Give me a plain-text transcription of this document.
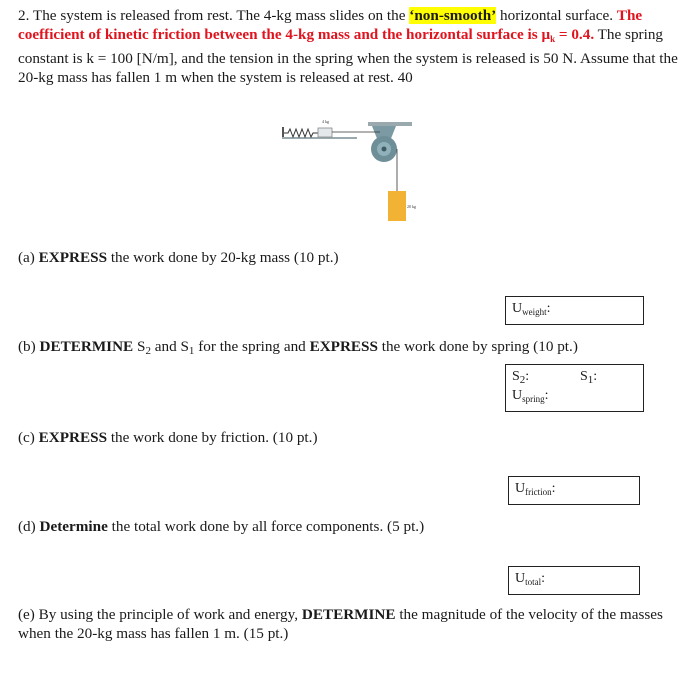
2. The system is released from rest. The 4-kg mass slides on the ‘non-smooth’ horizontal surface. The coefficient of kinetic friction between the 4-kg mass and the horizontal surface is $\mu_k = 0.4$. The spring constant is k = 100 [N/m], and the tension in the spring when the system is released is 50 N. Assume that the 20-kg mass has fallen 1 m when the system is released at rest. 40

4 kg
20 kg

(a) EXPRESS the work done by 20-kg mass (10 pt.)

$U_{weight}$:

(b) DETERMINE $S_2$ and $S_1$ for the spring and EXPRESS the work done by spring (10 pt.)

$S_2$:	$S_1$:
$U_{spring}$:

(c) EXPRESS the work done by friction. (10 pt.)

$U_{friction}$:

(d) Determine the total work done by all force components. (5 pt.)

$U_{total}$:

(e) By using the principle of work and energy, DETERMINE the magnitude of the velocity of the masses when the 20-kg mass has fallen 1 m. (15 pt.)
